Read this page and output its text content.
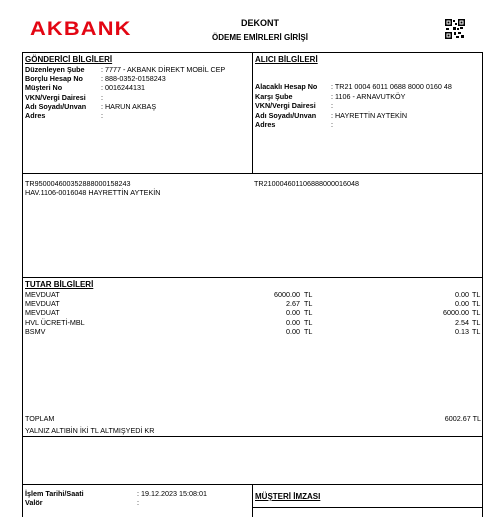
AKBANK	DEKONT
ÖDEME EMİRLERİ GİRİŞİ
GÖNDERİCİ BİLGİLERİ
Düzenleyen Şube : 7777 - AKBANK DİREKT MOBİL CEP
Borçlu Hesap No	: 888-0352-0158243
Müşteri No	: 0016244131
VKN/Vergi Dairesi :
Adı Soyadı/Unvan : HARUN AKBAŞ
Adres	:
ALICI BİLGİLERİ
Alacaklı Hesap No : TR21 0004 6011 0688 8000 0160 48
Karşı Şube	: 1106 - ARNAVUTKÖY
VKN/Vergi Dairesi :
Adı Soyadı/Unvan : HAYRETTİN AYTEKİN
Adres	:
TR950004600352888000158243
HAV.1106-0016048 HAYRETTİN AYTEKİN
TR210004601106888000016048
TUTAR BİLGİLERİ
MEVDUAT	6000.00 TL	0.00 TL
MEVDUAT	2.67 TL	0.00 TL
MEVDUAT	0.00 TL	6000.00 TL
HVL ÜCRETİ-MBL	0.00 TL	2.54 TL
BSMV	0.00 TL	0.13 TL
TOPLAM	6002.67 TL
YALNIZ ALTIBİN İKİ TL ALTMIŞYEDİ KR
İşlem Tarihi/Saati	: 19.12.2023 15:08:01
Valör	:
MÜŞTERİ İMZASI
